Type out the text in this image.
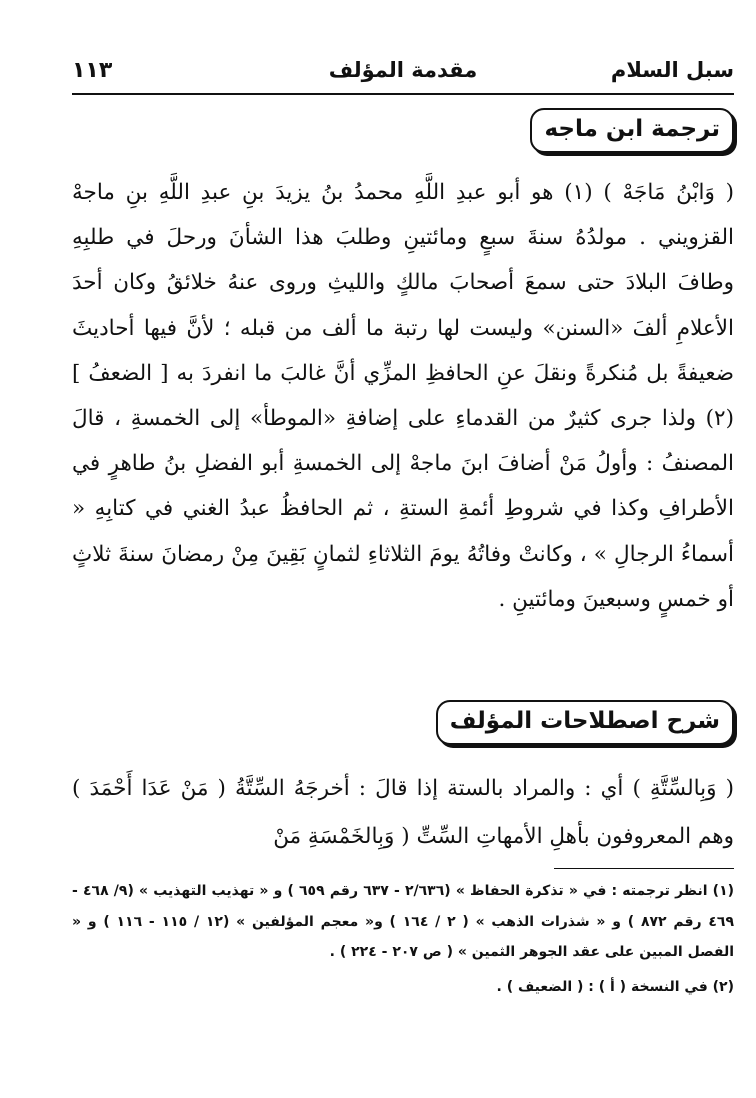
سبل السلام
مقدمة المؤلف
١١٣
ترجمة ابن ماجه

( وَابْنُ مَاجَهْ ) (١) هو أبو عبدِ اللَّهِ محمدُ بنُ يزيدَ بنِ عبدِ اللَّهِ بنِ ماجهْ القزويني . مولدُهُ سنةَ سبعٍ ومائتينِ وطلبَ هذا الشأنَ ورحلَ في طلبِهِ وطافَ البلادَ حتى سمعَ أصحابَ مالكٍ والليثِ وروى عنهُ خلائقُ وكان أحدَ الأعلامِ ألفَ «السنن» وليست لها رتبة ما ألف من قبله ؛ لأنَّ فيها أحاديثَ ضعيفةً بل مُنكرةً ونقلَ عنِ الحافظِ المزِّي أنَّ غالبَ ما انفردَ به [ الضعفُ ] (٢) ولذا جرى كثيرٌ من القدماءِ على إضافةِ «الموطأ» إلى الخمسةِ ، قالَ المصنفُ : وأولُ مَنْ أضافَ ابنَ ماجهْ إلى الخمسةِ أبو الفضلِ بنُ طاهرٍ في الأطرافِ وكذا في شروطِ أئمةِ الستةِ ، ثم الحافظُ عبدُ الغني في كتابِهِ « أسماءُ الرجالِ » ، وكانتْ وفاتُهُ يومَ الثلاثاءِ لثمانٍ بَقِينَ مِنْ رمضانَ سنةَ ثلاثٍ أو خمسٍ وسبعينَ ومائتينِ .

شرح اصطلاحات المؤلف

( وَبِالسِّتَّةِ ) أي : والمراد بالستة إذا قالَ : أخرجَهُ السِّتَّةُ ( مَنْ عَدَا أَحْمَدَ ) وهم المعروفون بأهلِ الأمهاتِ السِّتِّ ( وَبِالخَمْسَةِ مَنْ

(١) انظر ترجمته : في « تذكرة الحفاظ » (٢/٦٣٦ - ٦٣٧ رقم ٦٥٩ ) و « تهذيب التهذيب » (٩/ ٤٦٨ - ٤٦٩ رقم ٨٧٢ ) و « شذرات الذهب » ( ٢ / ١٦٤ ) و« معجم المؤلفين » (١٢ / ١١٥ - ١١٦ ) و « الفصل المبين على عقد الجوهر الثمين » ( ص ٢٠٧ - ٢٢٤ ) .

(٢) في النسخة ( أ ) : ( الضعيف ) .
